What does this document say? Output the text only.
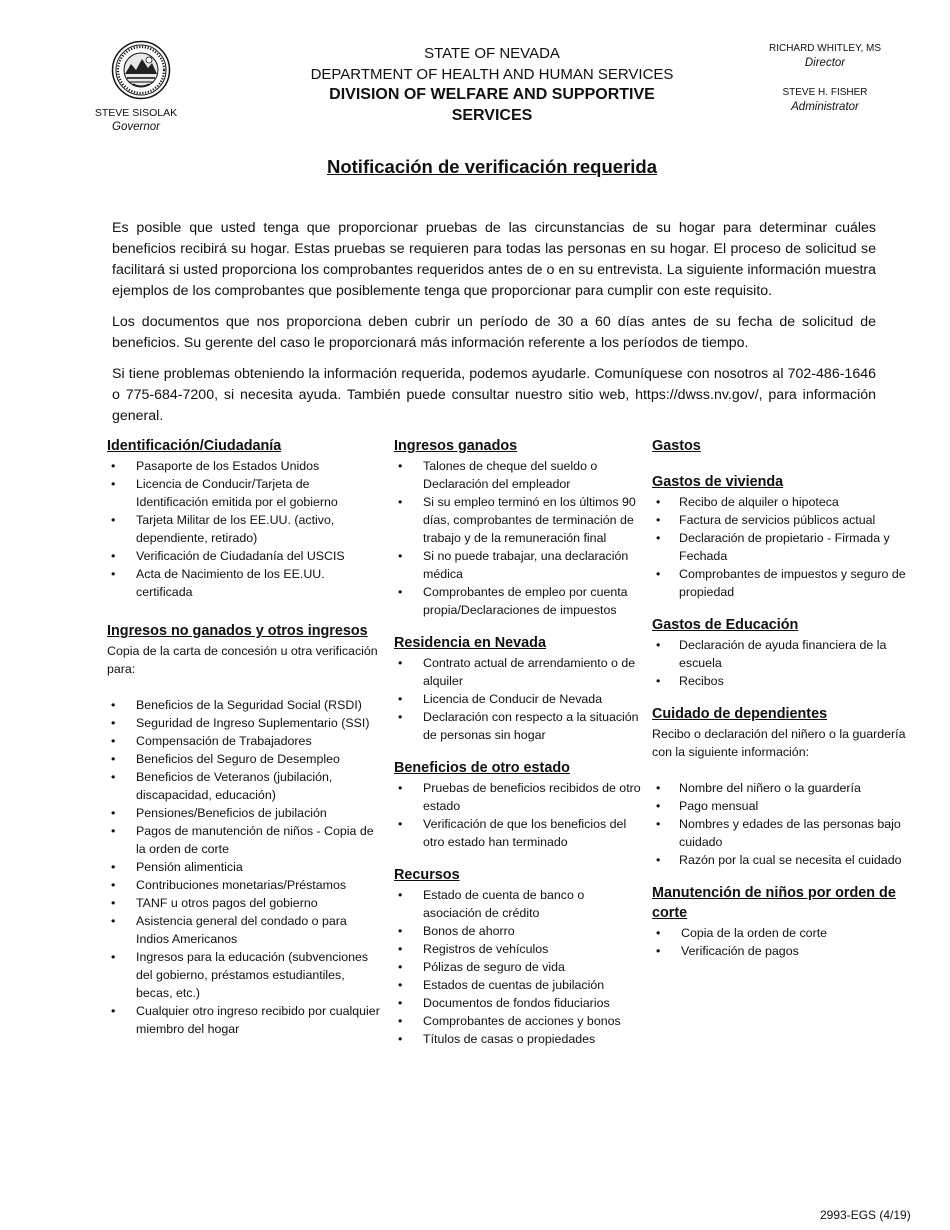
STEVE SISOLAK
Governor
STATE OF NEVADA
DEPARTMENT OF HEALTH AND HUMAN SERVICES
DIVISION OF WELFARE AND SUPPORTIVE SERVICES
RICHARD WHITLEY, MS
Director
STEVE H. FISHER
Administrator
Notificación de verificación requerida

Es posible que usted tenga que proporcionar pruebas de las circunstancias de su hogar para determinar cuáles beneficios recibirá su hogar. Estas pruebas se requieren para todas las personas en su hogar. El proceso de solicitud se facilitará si usted proporciona los comprobantes requeridos antes de o en su entrevista. La siguiente información muestra ejemplos de los comprobantes que posiblemente tenga que proporcionar para cumplir con este requisito.

Los documentos que nos proporciona deben cubrir un período de 30 a 60 días antes de su fecha de solicitud de beneficios. Su gerente del caso le proporcionará más información referente a los períodos de tiempo.

Si tiene problemas obteniendo la información requerida, podemos ayudarle. Comuníquese con nosotros al 702-486-1646 o 775-684-7200, si necesita ayuda. También puede consultar nuestro sitio web, https://dwss.nv.gov/, para información general.

Identificación/Ciudadanía
• Pasaporte de los Estados Unidos
• Licencia de Conducir/Tarjeta de Identificación emitida por el gobierno
• Tarjeta Militar de los EE.UU. (activo, dependiente, retirado)
• Verificación de Ciudadanía del USCIS
• Acta de Nacimiento de los EE.UU. certificada
Ingresos no ganados y otros ingresos

Copia de la carta de concesión u otra verificación para:

• Beneficios de la Seguridad Social (RSDI)
• Seguridad de Ingreso Suplementario (SSI)
• Compensación de Trabajadores
• Beneficios del Seguro de Desempleo
• Beneficios de Veteranos (jubilación, discapacidad, educación)
• Pensiones/Beneficios de jubilación
• Pagos de manutención de niños - Copia de la orden de corte
• Pensión alimenticia
• Contribuciones monetarias/Préstamos
• TANF u otros pagos del gobierno
• Asistencia general del condado o para Indios Americanos
• Ingresos para la educación (subvenciones del gobierno, préstamos estudiantiles, becas, etc.)
• Cualquier otro ingreso recibido por cualquier miembro del hogar
Ingresos ganados
• Talones de cheque del sueldo o Declaración del empleador
• Si su empleo terminó en los últimos 90 días, comprobantes de terminación de trabajo y de la remuneración final
• Si no puede trabajar, una declaración médica
• Comprobantes de empleo por cuenta propia/Declaraciones de impuestos
Residencia en Nevada
• Contrato actual de arrendamiento o de alquiler
• Licencia de Conducir de Nevada
• Declaración con respecto a la situación de personas sin hogar
Beneficios de otro estado
• Pruebas de beneficios recibidos de otro estado
• Verificación de que los beneficios del otro estado han terminado
Recursos
• Estado de cuenta de banco o asociación de crédito
• Bonos de ahorro
• Registros de vehículos
• Pólizas de seguro de vida
• Estados de cuentas de jubilación
• Documentos de fondos fiduciarios
• Comprobantes de acciones y bonos
• Títulos de casas o propiedades
Gastos
Gastos de vivienda
• Recibo de alquiler o hipoteca
• Factura de servicios públicos actual
• Declaración de propietario - Firmada y Fechada
• Comprobantes de impuestos y seguro de propiedad
Gastos de Educación
• Declaración de ayuda financiera de la escuela
• Recibos
Cuidado de dependientes

Recibo o declaración del niñero o la guardería con la siguiente información:

• Nombre del niñero o la guardería
• Pago mensual
• Nombres y edades de las personas bajo cuidado
• Razón por la cual se necesita el cuidado
Manutención de niños por orden de corte
• Copia de la orden de corte
• Verificación de pagos
2993-EGS (4/19)
